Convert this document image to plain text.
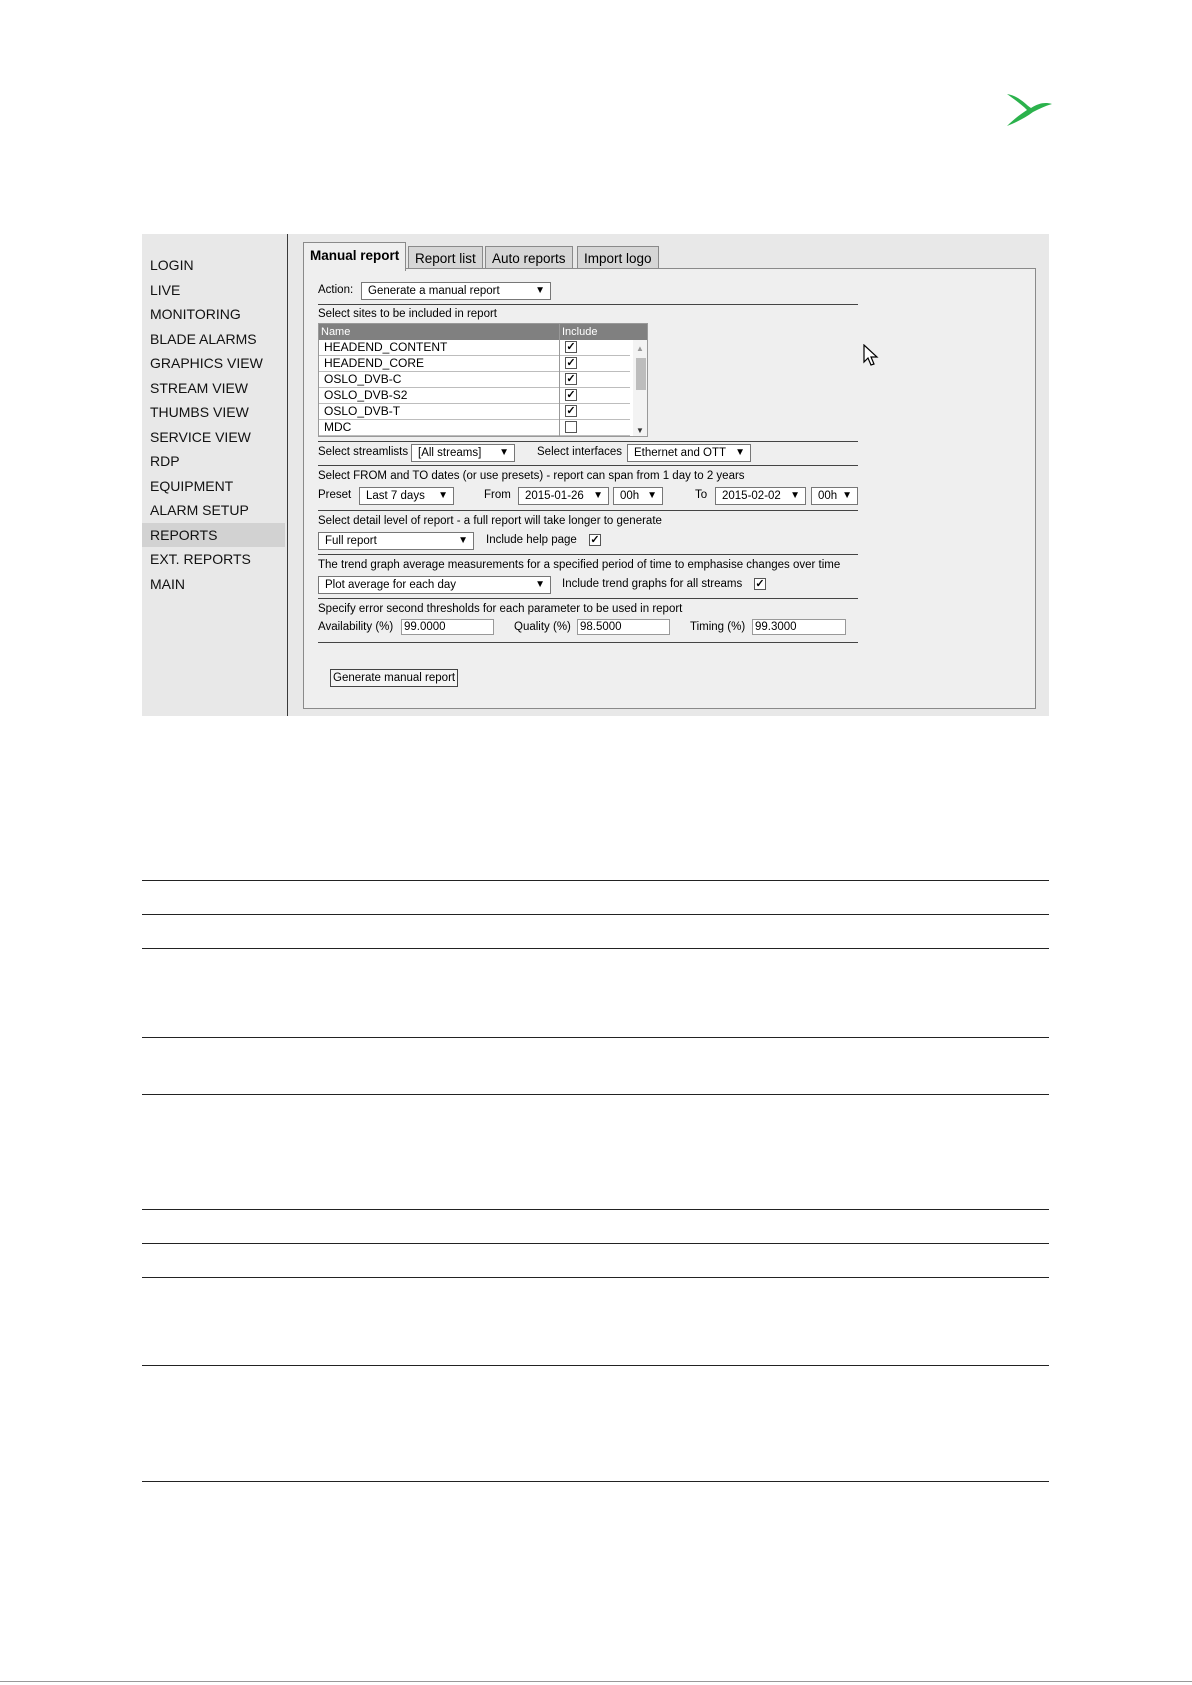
LOGIN
LIVE
MONITORING
BLADE ALARMS
GRAPHICS VIEW
STREAM VIEW
THUMBS VIEW
SERVICE VIEW
RDP
EQUIPMENT
ALARM SETUP
REPORTS
EXT. REPORTS
MAIN
Manual report	Report list	Auto reports	Import logo
Action:	Generate a manual report	▼
Select sites to be included in report
Name	Include
HEADEND_CONTENT	✓
HEADEND_CORE	✓
OSLO_DVB-C	✓
OSLO_DVB-S2	✓
OSLO_DVB-T	✓
MDC
▲
▼
Select streamlists [All streams] ▼ Select interfaces	Ethernet and OTT ▼
Select FROM and TO dates (or use presets) - report can span from 1 day to 2 years
Preset	Last 7 days ▼	From	2015-01-26 ▼	00h ▼	To	2015-02-02 ▼	00h ▼
Select detail level of report - a full report will take longer to generate
Full report	▼ Include help page ✓
The trend graph average measurements for a specified period of time to emphasise changes over time
Plot average for each day	▼ Include trend graphs for all streams ✓
Specify error second thresholds for each parameter to be used in report
Availability (%) 99.0000	Quality (%) 98.5000	Timing (%) 99.3000
Generate manual report
